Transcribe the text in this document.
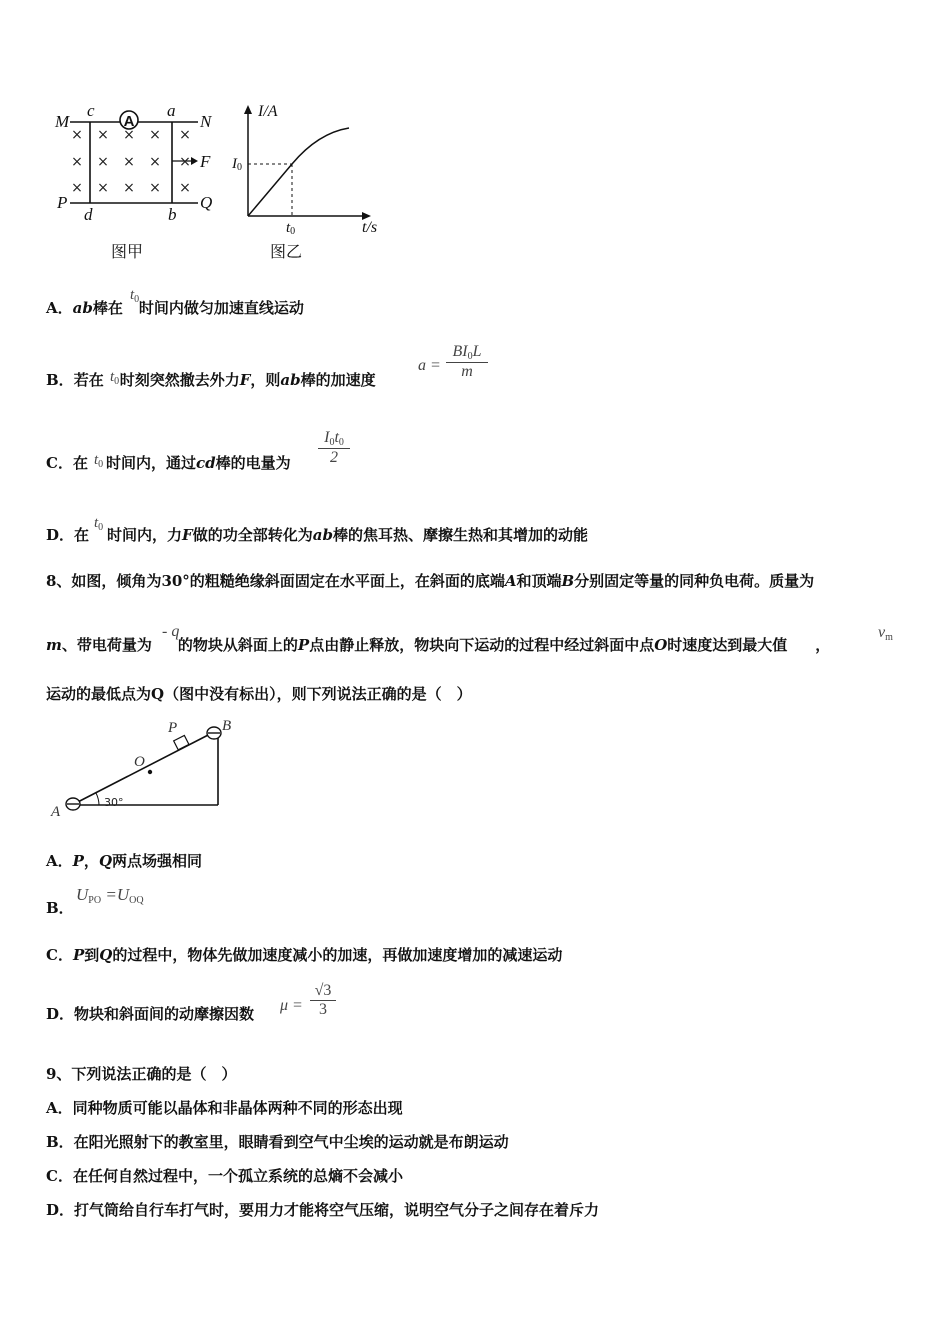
× × × × ×
× × × × ×
× × × × ×
M
c	a
N
F
P	Q
d	b
A
图甲
I/A
t/s
I0
t0
图乙
A．ab棒在 时间内做匀加速直线运动
$t_0$
B．若在 时刻突然撤去外力F，则ab棒的加速度
$t_0$
$a = \frac{BI_0L}{m}$
C．在 时间内，通过cd棒的电量为
$t_0$	$\frac{I_0t_0}{2}$
D．在 时间内，力F做的功全部转化为ab棒的焦耳热、摩擦生热和其增加的动能
$t_0$
8、如图，倾角为30°的粗糙绝缘斜面固定在水平面上，在斜面的底端A和顶端B分别固定等量的同种负电荷。质量为
m、带电荷量为 的物块从斜面上的P点由静止释放，物块向下运动的过程中经过斜面中点O时速度达到最大值 ，
- q	$v_m$
运动的最低点为Q（图中没有标出），则下列说法正确的是（　）
P	B
O
A
30°
A．P，Q两点场强相同
B．
$U_{PO} =U_{OQ}$
C．P到Q的过程中，物体先做加速度减小的加速，再做加速度增加的减速运动
D．物块和斜面间的动摩擦因数 $\mu = \frac{√3}{3}$
9、下列说法正确的是（　）
A．同种物质可能以晶体和非晶体两种不同的形态出现
B．在阳光照射下的教室里，眼睛看到空气中尘埃的运动就是布朗运动
C．在任何自然过程中，一个孤立系统的总熵不会减小
D．打气筒给自行车打气时，要用力才能将空气压缩，说明空气分子之间存在着斥力
